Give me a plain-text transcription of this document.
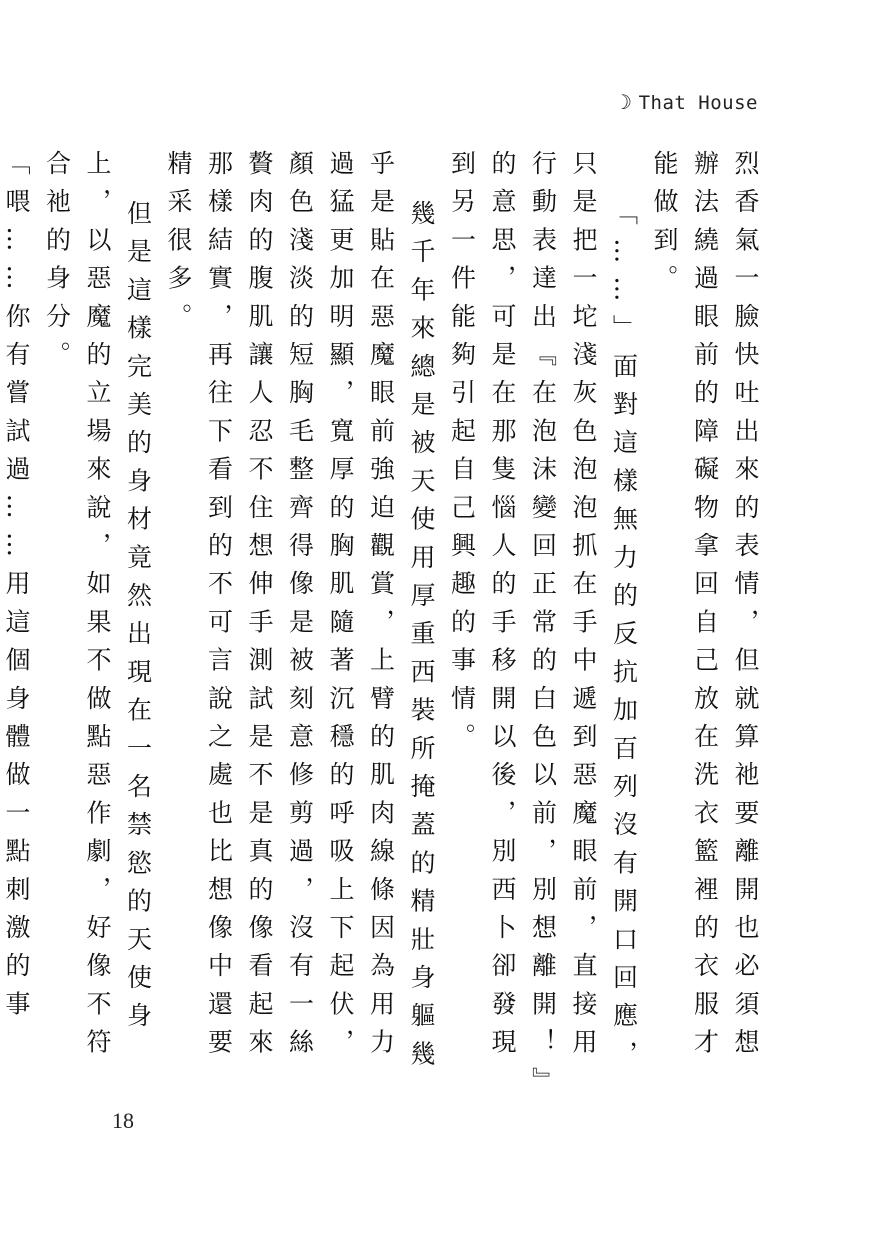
☽ That House

烈香氣一臉快吐出來的表情，但就算祂要離開也必須想辦法繞過眼前的障礙物拿回自己放在洗衣籃裡的衣服才能做到。

「……」面對這樣無力的反抗加百列沒有開口回應，只是把一坨淺灰色泡泡抓在手中遞到惡魔眼前，直接用行動表達出『在泡沫變回正常的白色以前，別想離開！』的意思，可是在那隻惱人的手移開以後，別西卜卻發現到另一件能夠引起自己興趣的事情。

幾千年來總是被天使用厚重西裝所掩蓋的精壯身軀幾乎是貼在惡魔眼前強迫觀賞，上臂的肌肉線條因為用力過猛更加明顯，寬厚的胸肌隨著沉穩的呼吸上下起伏，顏色淺淡的短胸毛整齊得像是被刻意修剪過，沒有一絲贅肉的腹肌讓人忍不住想伸手測試是不是真的像看起來那樣結實，再往下看到的不可言說之處也比想像中還要精采很多。

但是這樣完美的身材竟然出現在一名禁慾的天使身上，以惡魔的立場來說，如果不做點惡作劇，好像不符合祂的身分。

「喂……你有嘗試過……用這個身體做一點刺激的事

18
